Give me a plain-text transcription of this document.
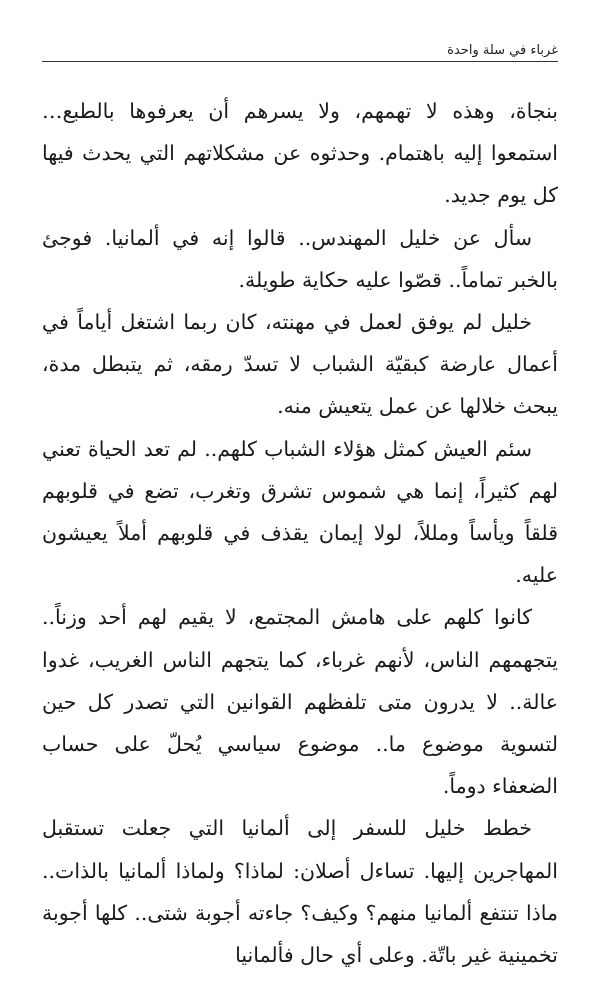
غرباء في سلة واحدة

بنجاة، وهذه لا تهمهم، ولا يسرهم أن يعرفوها بالطبع… استمعوا إليه باهتمام. وحدثوه عن مشكلاتهم التي يحدث فيها كل يوم جديد.

سأل عن خليل المهندس.. قالوا إنه في ألمانيا. فوجئ بالخبر تماماً.. قصّوا عليه حكاية طويلة.

خليل لم يوفق لعمل في مهنته، كان ربما اشتغل أياماً في أعمال عارضة كبقيّة الشباب لا تسدّ رمقه، ثم يتبطل مدة، يبحث خلالها عن عمل يتعيش منه.

سئم العيش كمثل هؤلاء الشباب كلهم.. لم تعد الحياة تعني لهم كثيراً، إنما هي شموس تشرق وتغرب، تضع في قلوبهم قلقاً ويأساً ومللاً، لولا إيمان يقذف في قلوبهم أملاً يعيشون عليه.

كانوا كلهم على هامش المجتمع، لا يقيم لهم أحد وزناً.. يتجهمهم الناس، لأنهم غرباء، كما يتجهم الناس الغريب، غدوا عالة.. لا يدرون متى تلفظهم القوانين التي تصدر كل حين لتسوية موضوع ما.. موضوع سياسي يُحلّ على حساب الضعفاء دوماً.

خطط خليل للسفر إلى ألمانيا التي جعلت تستقبل المهاجرين إليها. تساءل أصلان: لماذا؟ ولماذا ألمانيا بالذات.. ماذا تنتفع ألمانيا منهم؟ وكيف؟ جاءته أجوبة شتى.. كلها أجوبة تخمينية غير باتّة. وعلى أي حال فألمانيا
